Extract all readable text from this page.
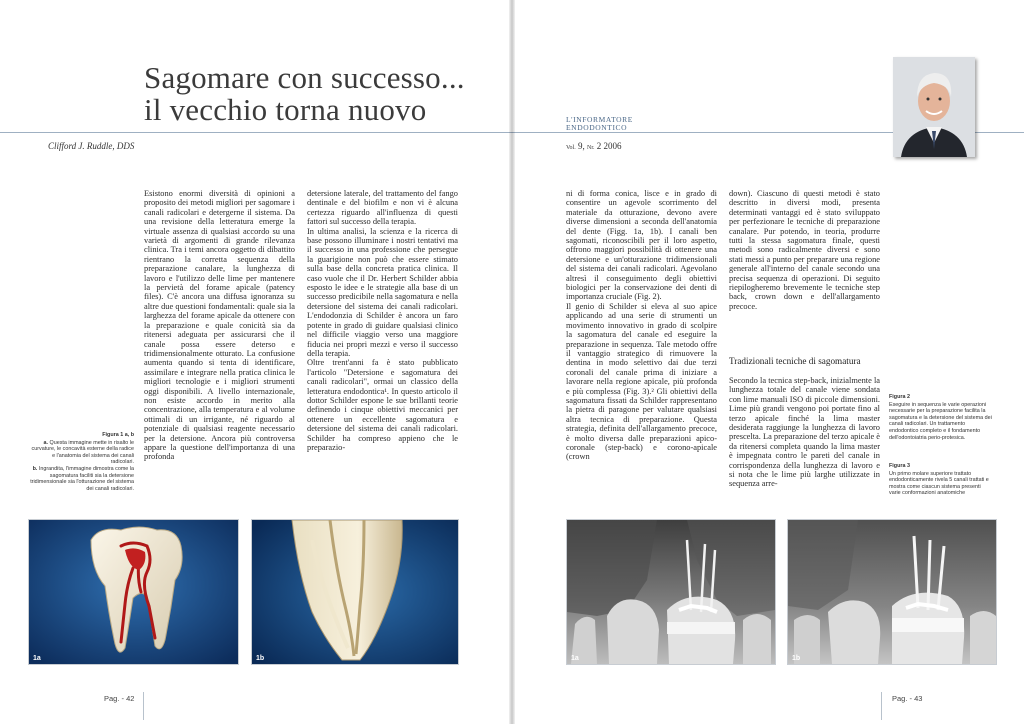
Sagomare con successo...
il vecchio torna nuovo
Clifford J. Ruddle, DDS

Esistono enormi diversità di opinioni a proposito dei metodi migliori per sagomare i canali radicolari e detergerne il sistema. Da una revisione della letteratura emerge la virtuale assenza di qualsiasi accordo su una varietà di argomenti di grande rilevanza clinica. Tra i temi ancora oggetto di dibattito rientrano la corretta sequenza della preparazione canalare, la lunghezza di lavoro e l'utilizzo delle lime per mantenere la pervietà del forame apicale (patency files). C'è ancora una diffusa ignoranza su altre due questioni fondamentali: quale sia la larghezza del forame apicale da ottenere con la preparazione e quale conicità sia da ritenersi adeguata per assicurarsi che il canale possa essere deterso e tridimensionalmente otturato. La confusione aumenta quando si tenta di identificare, assimilare e integrare nella pratica clinica le migliori tecnologie e i migliori strumenti oggi disponibili. A livello internazionale, non esiste accordo in merito alla concentrazione, alla temperatura e al volume ottimali di un irrigante, né riguardo al potenziale di qualsiasi reagente necessario per la detersione. Ancora più controversa appare la questione dell'importanza di una profonda

detersione laterale, del trattamento del fango dentinale e del biofilm e non vi è alcuna certezza riguardo all'influenza di questi fattori sul successo della terapia.

In ultima analisi, la scienza e la ricerca di base possono illuminare i nostri tentativi ma il successo in una professione che persegue la guarigione non può che essere stimato sulla base della concreta pratica clinica. Il caso vuole che il Dr. Herbert Schilder abbia esposto le idee e le strategie alla base di un successo predicibile nella sagomatura e nella detersione del sistema dei canali radicolari. L'endodonzia di Schilder è ancora un faro potente in grado di guidare qualsiasi clinico nel difficile viaggio verso una maggiore fiducia nei propri mezzi e verso il successo della terapia.

Oltre trent'anni fa è stato pubblicato l'articolo "Detersione e sagomatura dei canali radicolari", ormai un classico della letteratura endodontica¹. In questo articolo il dottor Schilder espone le sue brillanti teorie definendo i cinque obiettivi meccanici per ottenere un eccellente sagomatura e detersione del sistema dei canali radicolari. Schilder ha compreso appieno che le preparazio-

Figura 1 a, b
a. Questa immagine mette in risalto le curvature, le concavità esterne della radice e l'anatomia del sistema dei canali radicolari.
b. Ingrandita, l'immagine dimostra come la sagomatura faciliti sia la detersione tridimensionale sia l'otturazione del sistema dei canali radicolari.
1a	1b
Pag. - 42
L'INFORMATORE
ENDODONTICO
Vol. 9, Nr. 2 2006

ni di forma conica, lisce e in grado di consentire un agevole scorrimento del materiale da otturazione, devono avere diverse dimensioni a seconda dell'anatomia del dente (Figg. 1a, 1b). I canali ben sagomati, riconoscibili per il loro aspetto, offrono maggiori possibilità di ottenere una detersione e un'otturazione tridimensionali del sistema dei canali radicolari. Agevolano altresì il conseguimento degli obiettivi biologici per la conservazione dei denti di importanza cruciale (Fig. 2).

Il genio di Schilder si eleva al suo apice applicando ad una serie di strumenti un movimento innovativo in grado di scolpire la sagomatura del canale ed eseguire la preparazione in sequenza. Tale metodo offre il vantaggio strategico di rimuovere la dentina in modo selettivo dai due terzi coronali del canale prima di iniziare a lavorare nella regione apicale, più profonda e più complessa (Fig. 3).² Gli obiettivi della sagomatura fissati da Schilder rappresentano la pietra di paragone per valutare qualsiasi altra tecnica di preparazione. Questa strategia, definita dell'allargamento precoce, è molto diversa dalle preparazioni apico-coronale (step-back) e corono-apicale (crown

down). Ciascuno di questi metodi è stato descritto in diversi modi, presenta determinati vantaggi ed è stato sviluppato per perfezionare le tecniche di preparazione canalare. Pur potendo, in teoria, produrre tutti la stessa sagomatura finale, questi metodi sono radicalmente diversi e sono stati messi a punto per preparare una regione generale all'interno del canale secondo una precisa sequenza di operazioni. Di seguito riepilogheremo brevemente le tecniche step back, crown down e dell'allargamento precoce.

Tradizionali tecniche di sagomatura

Secondo la tecnica step-back, inizialmente la lunghezza totale del canale viene sondata con lime manuali ISO di piccole dimensioni. Lime più grandi vengono poi portate fino al terzo apicale finché la lima master desiderata raggiunge la lunghezza di lavoro prescelta. La preparazione del terzo apicale è da ritenersi completa quando la lima master è impegnata contro le pareti del canale in corrispondenza della lunghezza di lavoro e si nota che le lime più larghe utilizzate in sequenza arre-

Figura 2
Eseguire in sequenza le varie operazioni necessarie per la preparazione facilita la sagomatura e la detersione del sistema dei canali radicolari. Un trattamento endodontico completo e il fondamento dell'odontoiatria perio-protesica.
Figura 3
Un primo molare superiore trattato endodonticamente rivela 5 canali trattati e mostra come ciascun sistema presenti varie conformazioni anatomiche
1a	1b
Pag. - 43
